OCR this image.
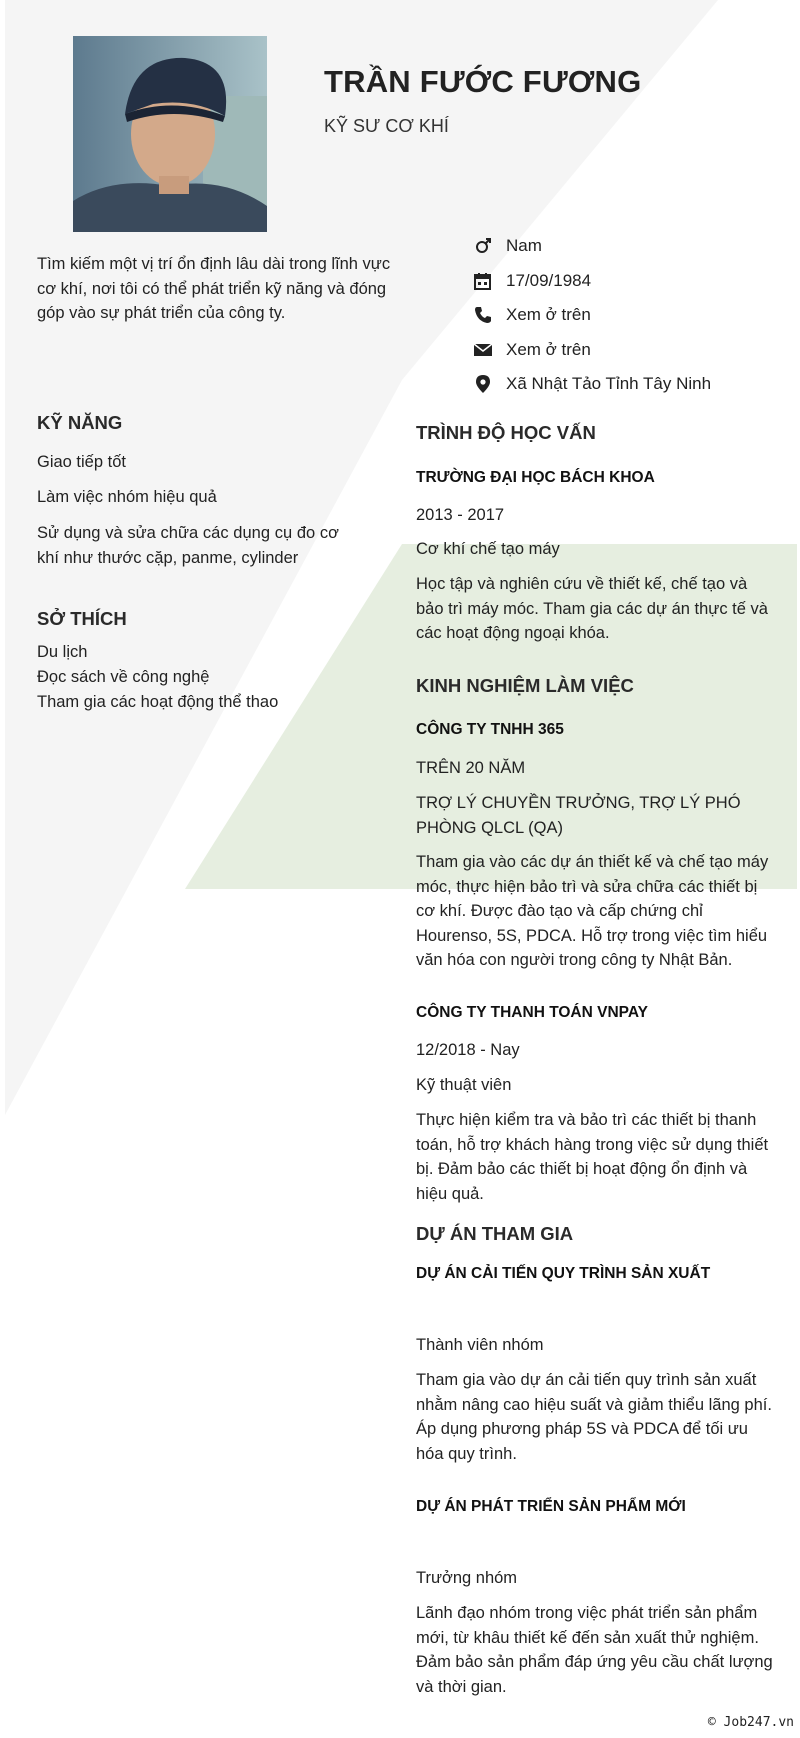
TRẦN FƯỚC FƯƠNG
KỸ SƯ CƠ KHÍ
Tìm kiếm một vị trí ổn định lâu dài trong lĩnh vực cơ khí, nơi tôi có thể phát triển kỹ năng và đóng góp vào sự phát triển của công ty.
Nam
17/09/1984
Xem ở trên
Xem ở trên
Xã Nhật Tảo Tỉnh Tây Ninh
KỸ NĂNG
Giao tiếp tốt
Làm việc nhóm hiệu quả
Sử dụng và sửa chữa các dụng cụ đo cơ khí như thước cặp, panme, cylinder
SỞ THÍCH
Du lịch
Đọc sách về công nghệ
Tham gia các hoạt động thể thao
TRÌNH ĐỘ HỌC VẤN
TRƯỜNG ĐẠI HỌC BÁCH KHOA
2013 - 2017
Cơ khí chế tạo máy
Học tập và nghiên cứu về thiết kế, chế tạo và bảo trì máy móc. Tham gia các dự án thực tế và các hoạt động ngoại khóa.
KINH NGHIỆM LÀM VIỆC
CÔNG TY TNHH 365
TRÊN 20 NĂM
TRỢ LÝ CHUYỀN TRƯỞNG, TRỢ LÝ PHÓ PHÒNG QLCL (QA)
Tham gia vào các dự án thiết kế và chế tạo máy móc, thực hiện bảo trì và sửa chữa các thiết bị cơ khí. Được đào tạo và cấp chứng chỉ Hourenso, 5S, PDCA. Hỗ trợ trong việc tìm hiểu văn hóa con người trong công ty Nhật Bản.
CÔNG TY THANH TOÁN VNPAY
12/2018 - Nay
Kỹ thuật viên
Thực hiện kiểm tra và bảo trì các thiết bị thanh toán, hỗ trợ khách hàng trong việc sử dụng thiết bị. Đảm bảo các thiết bị hoạt động ổn định và hiệu quả.
DỰ ÁN THAM GIA
DỰ ÁN CẢI TIẾN QUY TRÌNH SẢN XUẤT
Thành viên nhóm
Tham gia vào dự án cải tiến quy trình sản xuất nhằm nâng cao hiệu suất và giảm thiểu lãng phí. Áp dụng phương pháp 5S và PDCA để tối ưu hóa quy trình.
DỰ ÁN PHÁT TRIỂN SẢN PHẨM MỚI
Trưởng nhóm
Lãnh đạo nhóm trong việc phát triển sản phẩm mới, từ khâu thiết kế đến sản xuất thử nghiệm. Đảm bảo sản phẩm đáp ứng yêu cầu chất lượng và thời gian.
© Job247.vn
